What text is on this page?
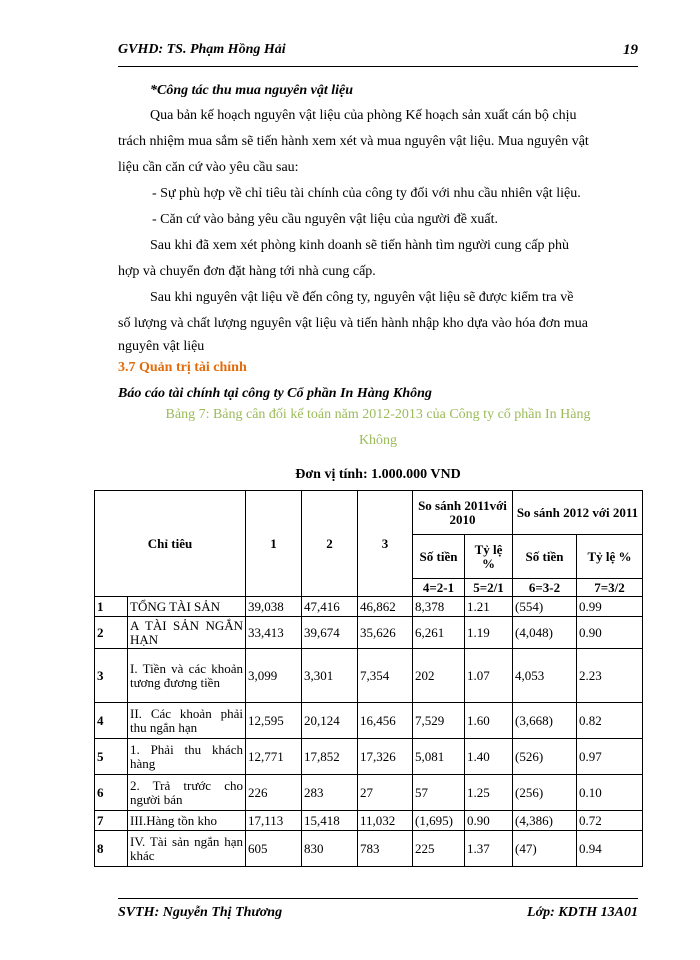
GVHD: TS. Phạm Hồng Hải	19
*Công tác thu mua nguyên vật liệu
Qua bản kế hoạch nguyên vật liệu của phòng Kế hoạch sản xuất cán bộ chịu
trách nhiệm mua sắm sẽ tiến hành xem xét và mua nguyên vật liệu. Mua nguyên vật
liệu cần căn cứ vào yêu cầu sau:
- Sự phù hợp về chỉ tiêu tài chính của công ty đối với nhu cầu nhiên vật liệu.
- Căn cứ vào bảng yêu cầu nguyên vật liệu của người đề xuất.
Sau khi đã xem xét phòng kinh doanh sẽ tiến hành tìm người cung cấp phù
hợp và chuyển đơn đặt hàng tới nhà cung cấp.
Sau khi nguyên vật liệu về đến công ty, nguyên vật liệu sẽ được kiểm tra về
số lượng và chất lượng nguyên vật liệu và tiến hành nhập kho dựa vào hóa đơn mua
nguyên vật liệu
3.7 Quản trị tài chính
Báo cáo tài chính tại công ty Cổ phần In Hàng Không
Bảng 7: Bảng cân đối kế toán năm 2012-2013 của Công ty cổ phần In Hàng
Không
Đơn vị tính: 1.000.000 VND
Chỉ tiêu		1	2	3	So sánh 2011với 2010		So sánh 2012 với 2011	
					Số tiền	Tỷ lệ %	Số tiền	Tỷ lệ %
					4=2-1	5=2/1	6=3-2	7=3/2
1	TỔNG TÀI SẢN	39,038	47,416	46,862	8,378	1.21	(554)	0.99
2	A TÀI SẢN NGẮN HẠN	33,413	39,674	35,626	6,261	1.19	(4,048)	0.90
3	I. Tiền và các khoản tương đương tiền	3,099	3,301	7,354	202	1.07	4,053	2.23
4	II. Các khoản phải thu ngắn hạn	12,595	20,124	16,456	7,529	1.60	(3,668)	0.82
5	1. Phải thu khách hàng	12,771	17,852	17,326	5,081	1.40	(526)	0.97
6	2. Trả trước cho người bán	226	283	27	57	1.25	(256)	0.10
7	III.Hàng tồn kho	17,113	15,418	11,032	(1,695)	0.90	(4,386)	0.72
8	IV. Tài sản ngắn hạn khác	605	830	783	225	1.37	(47)	0.94
SVTH: Nguyễn Thị Thương	Lớp: KDTH 13A01
